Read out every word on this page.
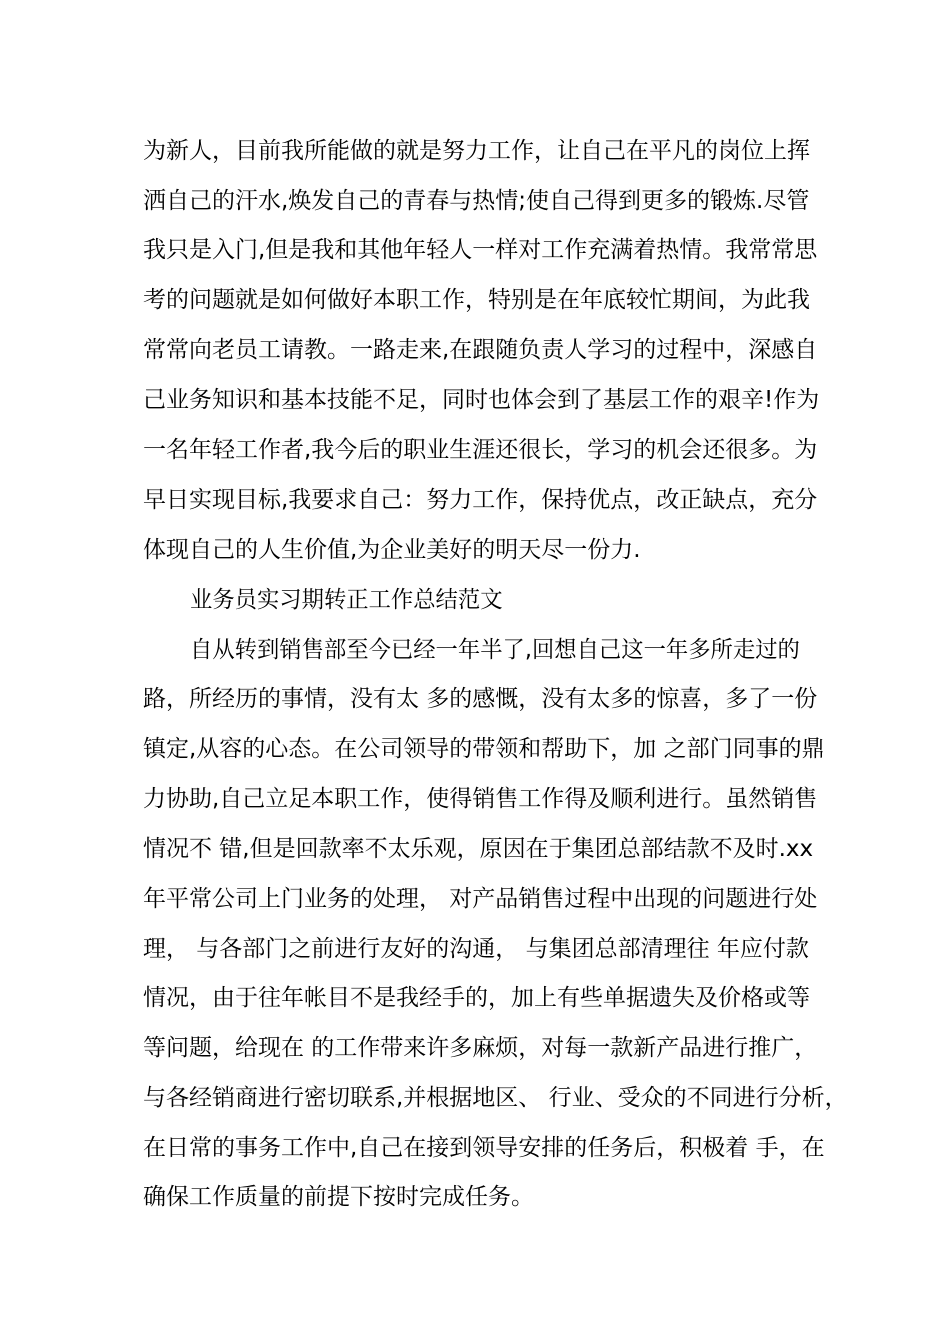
为新人，目前我所能做的就是努力工作，让自己在平凡的岗位上挥
洒自己的汗水,焕发自己的青春与热情;使自己得到更多的锻炼.尽管
我只是入门,但是我和其他年轻人一样对工作充满着热情。我常常思
考的问题就是如何做好本职工作，特别是在年底较忙期间，为此我
常常向老员工请教。一路走来,在跟随负责人学习的过程中，深感自
己业务知识和基本技能不足，同时也体会到了基层工作的艰辛!作为
一名年轻工作者,我今后的职业生涯还很长，学习的机会还很多。为
早日实现目标,我要求自己：努力工作，保持优点，改正缺点，充分
体现自己的人生价值,为企业美好的明天尽一份力.
业务员实习期转正工作总结范文
自从转到销售部至今已经一年半了,回想自己这一年多所走过的
路，所经历的事情，没有太 多的感慨，没有太多的惊喜，多了一份
镇定,从容的心态。在公司领导的带领和帮助下，加 之部门同事的鼎
力协助,自己立足本职工作，使得销售工作得及顺利进行。虽然销售
情况不 错,但是回款率不太乐观，原因在于集团总部结款不及时.xx
年平常公司上门业务的处理， 对产品销售过程中出现的问题进行处
理， 与各部门之前进行友好的沟通， 与集团总部清理往 年应付款
情况，由于往年帐目不是我经手的，加上有些单据遗失及价格或等
等问题，给现在 的工作带来许多麻烦，对每一款新产品进行推广，
与各经销商进行密切联系,并根据地区、 行业、受众的不同进行分析，
在日常的事务工作中,自己在接到领导安排的任务后，积极着 手，在
确保工作质量的前提下按时完成任务。
